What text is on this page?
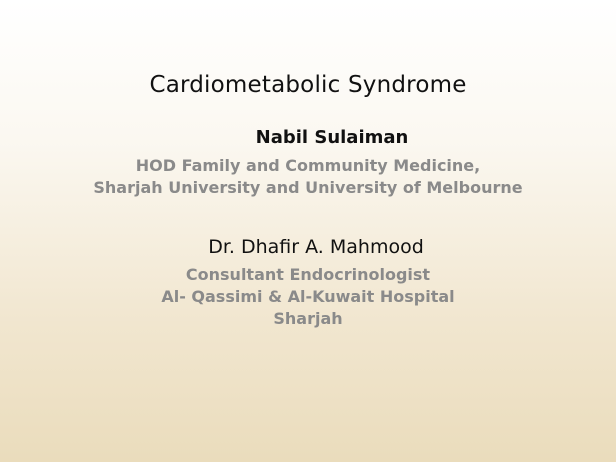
Cardiometabolic Syndrome
Nabil Sulaiman
HOD Family and Community Medicine,
Sharjah University and University of Melbourne
Dr. Dhafir A. Mahmood
Consultant Endocrinologist
Al- Qassimi & Al-Kuwait Hospital
Sharjah
